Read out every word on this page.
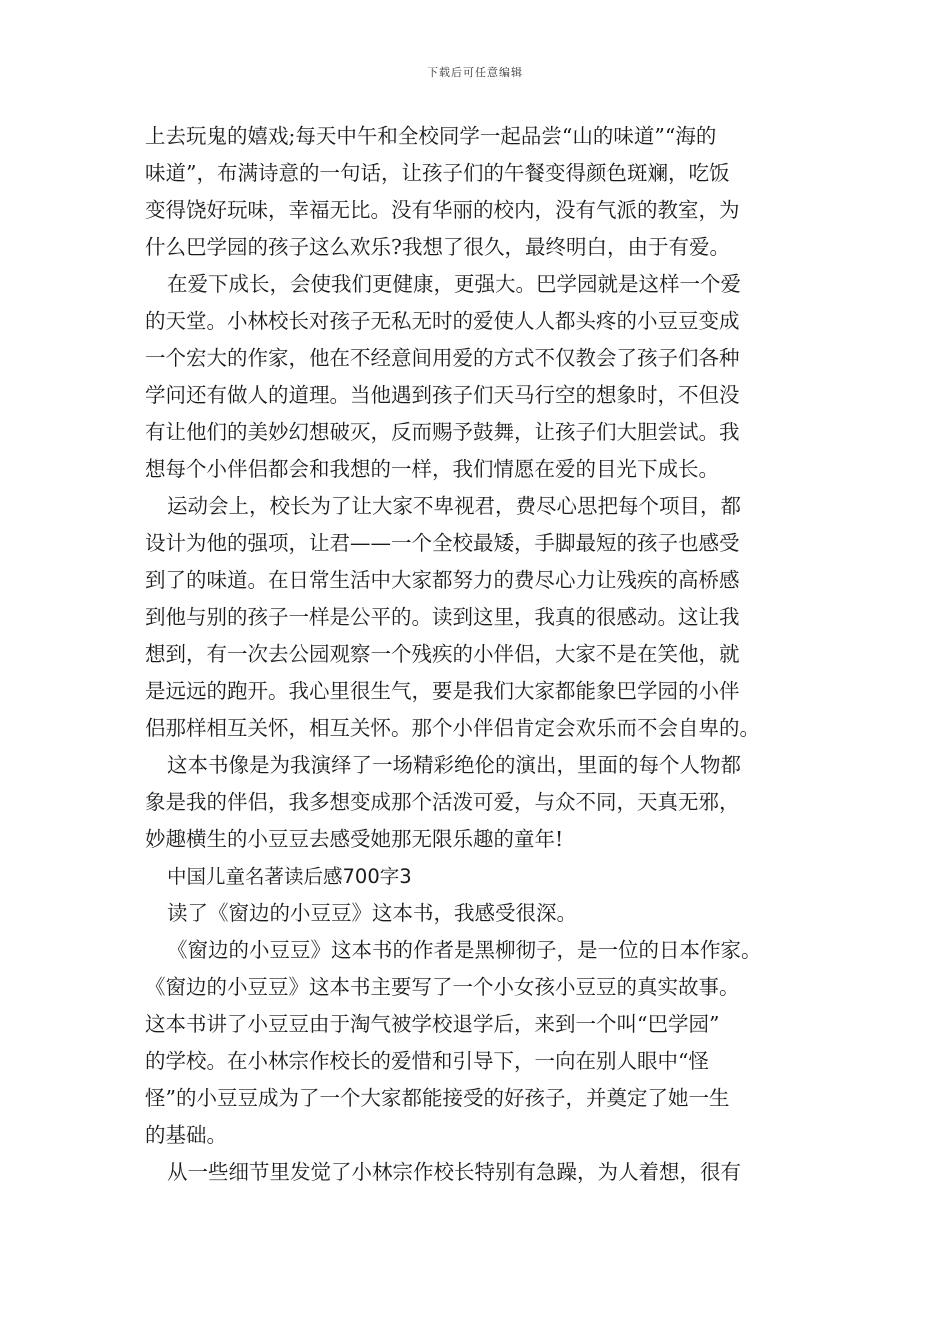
下载后可任意编辑
上去玩鬼的嬉戏;每天中午和全校同学一起品尝“山的味道”“海的
味道”，布满诗意的一句话，让孩子们的午餐变得颜色斑斓，吃饭
变得饶好玩味，幸福无比。没有华丽的校内，没有气派的教室，为
什么巴学园的孩子这么欢乐?我想了很久，最终明白，由于有爱。
在爱下成长，会使我们更健康，更强大。巴学园就是这样一个爱
的天堂。小林校长对孩子无私无时的爱使人人都头疼的小豆豆变成
一个宏大的作家，他在不经意间用爱的方式不仅教会了孩子们各种
学问还有做人的道理。当他遇到孩子们天马行空的想象时，不但没
有让他们的美妙幻想破灭，反而赐予鼓舞，让孩子们大胆尝试。我
想每个小伴侣都会和我想的一样，我们情愿在爱的目光下成长。
运动会上，校长为了让大家不卑视君，费尽心思把每个项目，都
设计为他的强项，让君——一个全校最矮，手脚最短的孩子也感受
到了的味道。在日常生活中大家都努力的费尽心力让残疾的高桥感
到他与别的孩子一样是公平的。读到这里，我真的很感动。这让我
想到，有一次去公园观察一个残疾的小伴侣，大家不是在笑他，就
是远远的跑开。我心里很生气，要是我们大家都能象巴学园的小伴
侣那样相互关怀，相互关怀。那个小伴侣肯定会欢乐而不会自卑的。
这本书像是为我演绎了一场精彩绝伦的演出，里面的每个人物都
象是我的伴侣，我多想变成那个活泼可爱，与众不同，天真无邪，
妙趣横生的小豆豆去感受她那无限乐趣的童年!
中国儿童名著读后感700字3
读了《窗边的小豆豆》这本书，我感受很深。
《窗边的小豆豆》这本书的作者是黑柳彻子，是一位的日本作家。
《窗边的小豆豆》这本书主要写了一个小女孩小豆豆的真实故事。
这本书讲了小豆豆由于淘气被学校退学后，来到一个叫“巴学园”
的学校。在小林宗作校长的爱惜和引导下，一向在别人眼中“怪
怪”的小豆豆成为了一个大家都能接受的好孩子，并奠定了她一生
的基础。
从一些细节里发觉了小林宗作校长特别有急躁，为人着想，很有
